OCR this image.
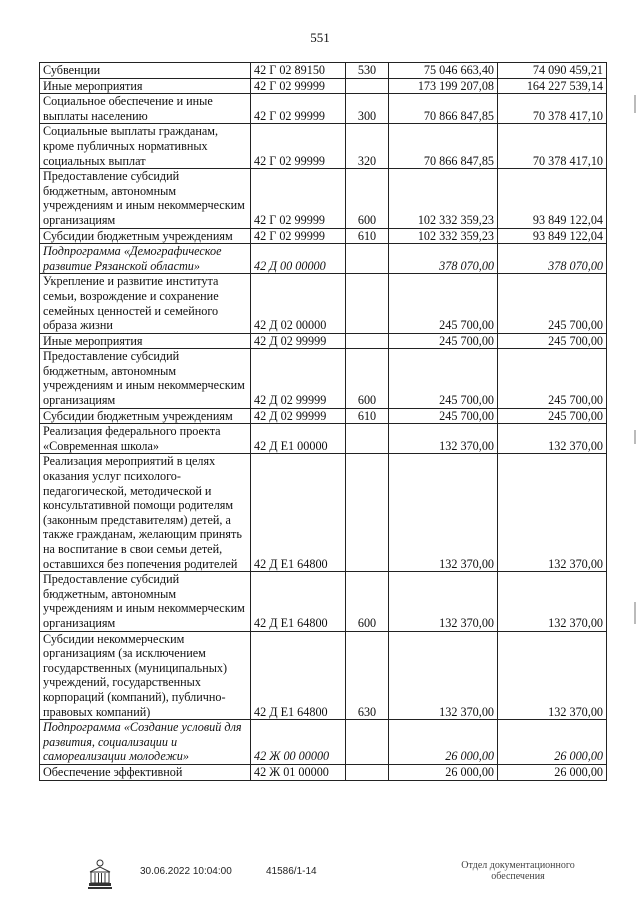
551
Субвенции	42 Г 02 89150	530	75 046 663,40	74 090 459,21
Иные мероприятия	42 Г 02 99999		173 199 207,08	164 227 539,14
Социальное обеспечение и иные выплаты населению	42 Г 02 99999	300	70 866 847,85	70 378 417,10
Социальные выплаты гражданам, кроме публичных нормативных социальных выплат	42 Г 02 99999	320	70 866 847,85	70 378 417,10
Предоставление субсидий бюджетным, автономным учреждениям и иным некоммерческим организациям	42 Г 02 99999	600	102 332 359,23	93 849 122,04
Субсидии бюджетным учреждениям	42 Г 02 99999	610	102 332 359,23	93 849 122,04
Подпрограмма «Демографическое развитие Рязанской области»	42 Д 00 00000		378 070,00	378 070,00
Укрепление и развитие института семьи, возрождение и сохранение семейных ценностей и семейного образа жизни	42 Д 02 00000		245 700,00	245 700,00
Иные мероприятия	42 Д 02 99999		245 700,00	245 700,00
Предоставление субсидий бюджетным, автономным учреждениям и иным некоммерческим организациям	42 Д 02 99999	600	245 700,00	245 700,00
Субсидии бюджетным учреждениям	42 Д 02 99999	610	245 700,00	245 700,00
Реализация федерального проекта «Современная школа»	42 Д Е1 00000		132 370,00	132 370,00
Реализация мероприятий в целях оказания услуг психолого-педагогической, методической и консультативной помощи родителям (законным представителям) детей, а также гражданам, желающим принять на воспитание в свои семьи детей, оставшихся без попечения родителей	42 Д Е1 64800		132 370,00	132 370,00
Предоставление субсидий бюджетным, автономным учреждениям и иным некоммерческим организациям	42 Д Е1 64800	600	132 370,00	132 370,00
Субсидии некоммерческим организациям (за исключением государственных (муниципальных) учреждений, государственных корпораций (компаний), публично-правовых компаний)	42 Д Е1 64800	630	132 370,00	132 370,00
Подпрограмма «Создание условий для развития, социализации и самореализации молодежи»	42 Ж 00 00000		26 000,00	26 000,00
Обеспечение эффективной	42 Ж 01 00000		26 000,00	26 000,00
30.06.2022 10:04:00	41586/1-14
Отдел документационного обеспечения
